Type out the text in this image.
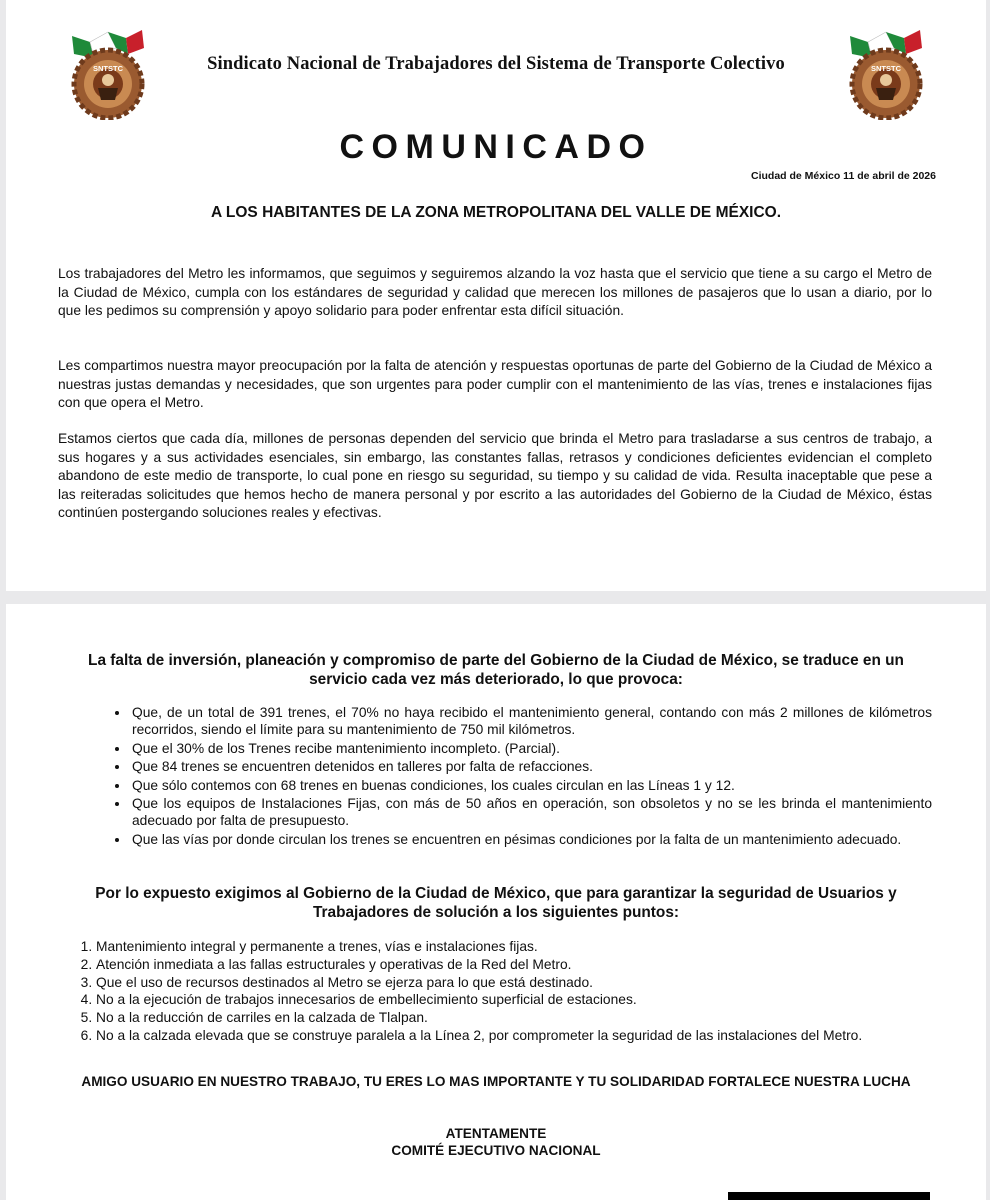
SNTSTC	Sindicato Nacional de Trabajadores del Sistema de Transporte Colectivo	SNTSTC
COMUNICADO
Ciudad de México 11 de abril de 2026
A LOS HABITANTES DE LA ZONA METROPOLITANA DEL VALLE DE MÉXICO.

Los trabajadores del Metro les informamos, que seguimos y seguiremos alzando la voz hasta que el servicio que tiene a su cargo el Metro de la Ciudad de México, cumpla con los estándares de seguridad y calidad que merecen los millones de pasajeros que lo usan a diario, por lo que les pedimos su comprensión y apoyo solidario para poder enfrentar esta difícil situación.

Les compartimos nuestra mayor preocupación por la falta de atención y respuestas oportunas de parte del Gobierno de la Ciudad de México a nuestras justas demandas y necesidades, que son urgentes para poder cumplir con el mantenimiento de las vías, trenes e instalaciones fijas con que opera el Metro.

Estamos ciertos que cada día, millones de personas dependen del servicio que brinda el Metro para trasladarse a sus centros de trabajo, a sus hogares y a sus actividades esenciales, sin embargo, las constantes fallas, retrasos y condiciones deficientes evidencian el completo abandono de este medio de transporte, lo cual pone en riesgo su seguridad, su tiempo y su calidad de vida. Resulta inaceptable que pese a las reiteradas solicitudes que hemos hecho de manera personal y por escrito a las autoridades del Gobierno de la Ciudad de México, éstas continúen postergando soluciones reales y efectivas.

La falta de inversión, planeación y compromiso de parte del Gobierno de la Ciudad de México, se traduce en un servicio cada vez más deteriorado, lo que provoca:

• Que, de un total de 391 trenes, el 70% no haya recibido el mantenimiento general, contando con más 2 millones de kilómetros recorridos, siendo el límite para su mantenimiento de 750 mil kilómetros.
• Que el 30% de los Trenes recibe mantenimiento incompleto. (Parcial).
• Que 84 trenes se encuentren detenidos en talleres por falta de refacciones.
• Que sólo contemos con 68 trenes en buenas condiciones, los cuales circulan en las Líneas 1 y 12.
• Que los equipos de Instalaciones Fijas, con más de 50 años en operación, son obsoletos y no se les brinda el mantenimiento adecuado por falta de presupuesto.
• Que las vías por donde circulan los trenes se encuentren en pésimas condiciones por la falta de un mantenimiento adecuado.

Por lo expuesto exigimos al Gobierno de la Ciudad de México, que para garantizar la seguridad de Usuarios y Trabajadores de solución a los siguientes puntos:

1. Mantenimiento integral y permanente a trenes, vías e instalaciones fijas.
2. Atención inmediata a las fallas estructurales y operativas de la Red del Metro.
3. Que el uso de recursos destinados al Metro se ejerza para lo que está destinado.
4. No a la ejecución de trabajos innecesarios de embellecimiento superficial de estaciones.
5. No a la reducción de carriles en la calzada de Tlalpan.
6. No a la calzada elevada que se construye paralela a la Línea 2, por comprometer la seguridad de las instalaciones del Metro.

AMIGO USUARIO EN NUESTRO TRABAJO, TU ERES LO MAS IMPORTANTE Y TU SOLIDARIDAD FORTALECE NUESTRA LUCHA

ATENTAMENTE

COMITÉ EJECUTIVO NACIONAL
